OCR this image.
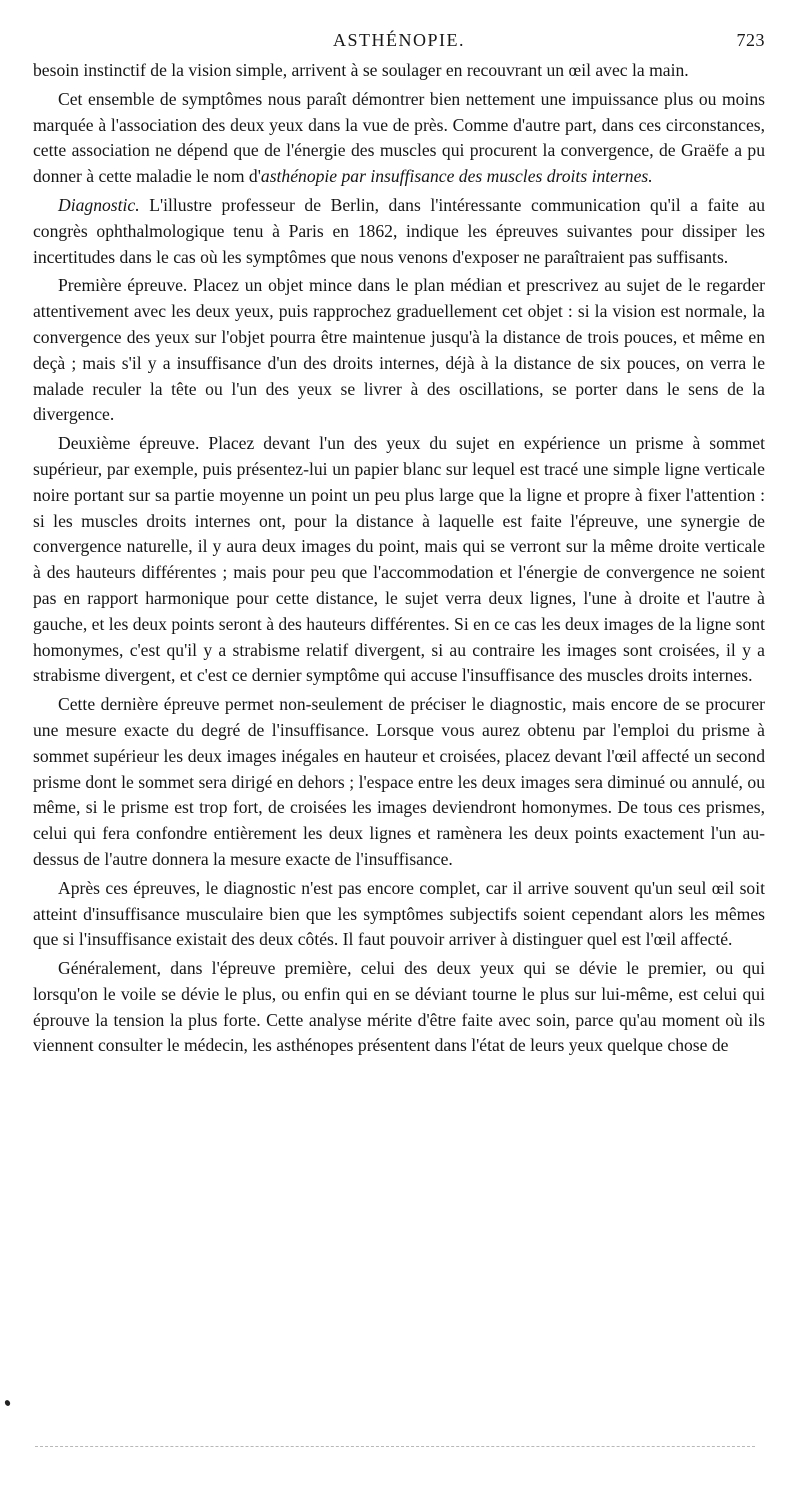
ASTHÉNOPIE.	723

besoin instinctif de la vision simple, arrivent à se soulager en recouvrant un œil avec la main.

Cet ensemble de symptômes nous paraît démontrer bien nettement une impuissance plus ou moins marquée à l'association des deux yeux dans la vue de près. Comme d'autre part, dans ces circonstances, cette association ne dépend que de l'énergie des muscles qui procurent la convergence, de Graëfe a pu donner à cette maladie le nom d'asthénopie par insuffisance des muscles droits internes.

Diagnostic. L'illustre professeur de Berlin, dans l'intéressante communication qu'il a faite au congrès ophthalmologique tenu à Paris en 1862, indique les épreuves suivantes pour dissiper les incertitudes dans le cas où les symptômes que nous venons d'exposer ne paraîtraient pas suffisants.

Première épreuve. Placez un objet mince dans le plan médian et prescrivez au sujet de le regarder attentivement avec les deux yeux, puis rapprochez graduellement cet objet : si la vision est normale, la convergence des yeux sur l'objet pourra être maintenue jusqu'à la distance de trois pouces, et même en deçà ; mais s'il y a insuffisance d'un des droits internes, déjà à la distance de six pouces, on verra le malade reculer la tête ou l'un des yeux se livrer à des oscillations, se porter dans le sens de la divergence.

Deuxième épreuve. Placez devant l'un des yeux du sujet en expérience un prisme à sommet supérieur, par exemple, puis présentez-lui un papier blanc sur lequel est tracé une simple ligne verticale noire portant sur sa partie moyenne un point un peu plus large que la ligne et propre à fixer l'attention : si les muscles droits internes ont, pour la distance à laquelle est faite l'épreuve, une synergie de convergence naturelle, il y aura deux images du point, mais qui se verront sur la même droite verticale à des hauteurs différentes ; mais pour peu que l'accommodation et l'énergie de convergence ne soient pas en rapport harmonique pour cette distance, le sujet verra deux lignes, l'une à droite et l'autre à gauche, et les deux points seront à des hauteurs différentes. Si en ce cas les deux images de la ligne sont homonymes, c'est qu'il y a strabisme relatif divergent, si au contraire les images sont croisées, il y a strabisme divergent, et c'est ce dernier symptôme qui accuse l'insuffisance des muscles droits internes.

Cette dernière épreuve permet non-seulement de préciser le diagnostic, mais encore de se procurer une mesure exacte du degré de l'insuffisance. Lorsque vous aurez obtenu par l'emploi du prisme à sommet supérieur les deux images inégales en hauteur et croisées, placez devant l'œil affecté un second prisme dont le sommet sera dirigé en dehors ; l'espace entre les deux images sera diminué ou annulé, ou même, si le prisme est trop fort, de croisées les images deviendront homonymes. De tous ces prismes, celui qui fera confondre entièrement les deux lignes et ramènera les deux points exactement l'un au-dessus de l'autre donnera la mesure exacte de l'insuffisance.

Après ces épreuves, le diagnostic n'est pas encore complet, car il arrive souvent qu'un seul œil soit atteint d'insuffisance musculaire bien que les symptômes subjectifs soient cependant alors les mêmes que si l'insuffisance existait des deux côtés. Il faut pouvoir arriver à distinguer quel est l'œil affecté.

Généralement, dans l'épreuve première, celui des deux yeux qui se dévie le premier, ou qui lorsqu'on le voile se dévie le plus, ou enfin qui en se déviant tourne le plus sur lui-même, est celui qui éprouve la tension la plus forte. Cette analyse mérite d'être faite avec soin, parce qu'au moment où ils viennent consulter le médecin, les asthénopes présentent dans l'état de leurs yeux quelque chose de
